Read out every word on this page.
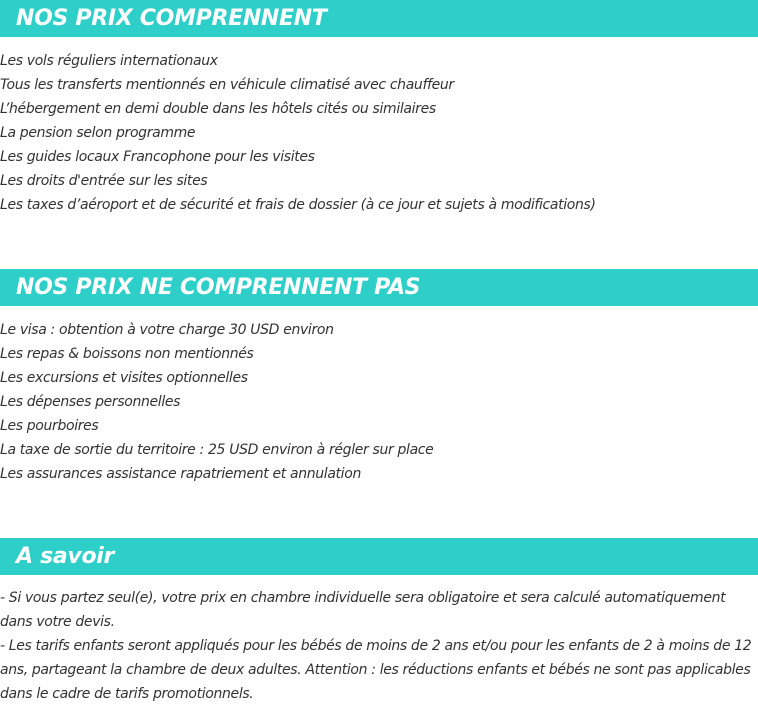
NOS PRIX COMPRENNENT
Les vols réguliers internationaux
Tous les transferts mentionnés en véhicule climatisé avec chauffeur
L’hébergement en demi double dans les hôtels cités ou similaires
La pension selon programme
Les guides locaux Francophone pour les visites
Les droits d'entrée sur les sites
Les taxes d’aéroport et de sécurité et frais de dossier (à ce jour et sujets à modifications)
NOS PRIX NE COMPRENNENT PAS
Le visa : obtention à votre charge 30 USD environ
Les repas & boissons non mentionnés
Les excursions et visites optionnelles
Les dépenses personnelles
Les pourboires
La taxe de sortie du territoire : 25 USD environ à régler sur place
Les assurances assistance rapatriement et annulation
A savoir

- Si vous partez seul(e), votre prix en chambre individuelle sera obligatoire et sera calculé automatiquement dans votre devis.

- Les tarifs enfants seront appliqués pour les bébés de moins de 2 ans et/ou pour les enfants de 2 à moins de 12 ans, partageant la chambre de deux adultes. Attention : les réductions enfants et bébés ne sont pas applicables dans le cadre de tarifs promotionnels.
